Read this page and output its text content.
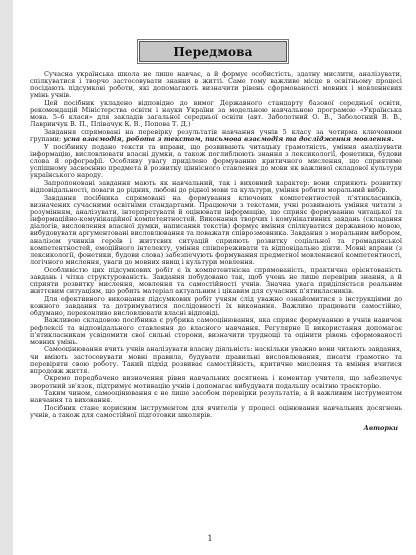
Передмова

Сучасна українська школа не лише навчає, а й формує особистість, здатну мислити, аналізувати, спілкуватися і творчо застосовувати знання в житті. Саме тому важливе місце в освітньому процесі посідають підсумкові роботи, які допомагають визначити рівень сформованості мовних і мовленнєвих умінь учнів.

Цей посібник укладено відповідно до вимог Державного стандарту базової середньої освіти, рекомендацій Міністерства освіти і науки України за модельною навчальною програмою «Українська мова. 5–6 класи» для закладів загальної середньої освіти (авт. Заболотний О. В., Заболотний В. В., Лавринчук В. П., Плівачук К. В., Попова Т. Д.)

Завдання спрямовані на перевірку результатів навчання учнів 5 класу за чотирма ключовими групами: усна взаємодія, робота з текстом, письмова взаємодія та дослідження мовлення.

У посібнику подано тексти та вправи, що розвивають читацьку грамотність, уміння аналізувати інформацію, висловлювати власні думки, а також поглиблюють знання з лексикології, фонетики, будови слова й орфографії. Особливу увагу приділено формуванню критичного мислення, що сприятиме успішному засвоєнню предмета й розвитку ціннісного ставлення до мови як важливої складової культури українського народу.

Запропоновані завдання мають як навчальний, так і виховний характер: вони сприяють розвитку відповідальності, поваги до рідних, любові до рідної мови та культури, уміння робити моральний вибір.

Завдання посібника спрямовані на формування ключових компетентностей п'ятикласників, визначених сучасними освітніми стандартами. Працюючи з текстами, учні розвивають уміння читати з розумінням, аналізувати, інтерпретувати й оцінювати інформацію, що сприяє формуванню читацької та інформаційно-комунікаційної компетентностей. Виконання творчих і комунікативних завдань (складання діалогів, висловлення власної думки, написання текстів) формує вміння спілкуватися державною мовою, вибудовувати аргументовані висловлювання та поважати співрозмовника. Завдання з моральним вибором, аналізом учинків героїв і життєвих ситуацій сприяють розвитку соціальної та громадянської компетентностей, емоційного інтелекту, уміння співпереживати та відповідально діяти. Мовні вправи (з лексикології, фонетики, будови слова) забезпечують формування предметної мовленнєвої компетентності, логічного мислення, уваги до мовних явищ і культури мовлення.

Особливістю цих підсумкових робіт є їх компетентнісна спрямованість, практична орієнтованість завдань і чітка структурованість. Завдання побудовано так, щоб учень не лише перевірив знання, а й сприяти розвитку мислення, мовлення та самостійності учнів. Значна увага приділяється реальним життєвим ситуаціям, що робить матеріал актуальним і цікавим для сучасних п'ятикласників.

Для ефективного виконання підсумкових робіт учням слід уважно ознайомитися з інструкціями до кожного завдання та дотримуватися послідовності їх виконання. Важливо працювати самостійно, обдумано, переконливо висловлювати власні відповіді.

Важливою складовою посібника є рубрика самооцінювання, яка сприяє формуванню в учнів навичок рефлексії та відповідального ставлення до власного навчання. Регулярне її використання допомагає п'ятикласникам усвідомити свої сильні сторони, визначити труднощі та оцінити рівень сформованості мовних умінь.

Самооцінювання вчить учнів аналізувати власну діяльність: наскільки уважно вони читають завдання, чи вміють застосовувати мовні правила, будувати правильні висловлювання, писати грамотно та перевіряти свою роботу. Такий підхід розвиває самостійність, критичне мислення та вміння вчитися впродовж життя.

Окремо передбачено визначення рівня навчальних досягнень і коментар учителя, що забезпечує зворотний зв'язок, підтримує мотивацію учнів і допомагає вибудувати подальшу освітню траєкторію.

Таким чином, самооцінювання є не лише засобом перевірки результатів, а й важливим інструментом навчання та виховання.

Посібник стане корисним інструментом для вчителів у процесі оцінювання навчальних досягнень учнів, а також для самостійної підготовки школярів.

Авторки

1
